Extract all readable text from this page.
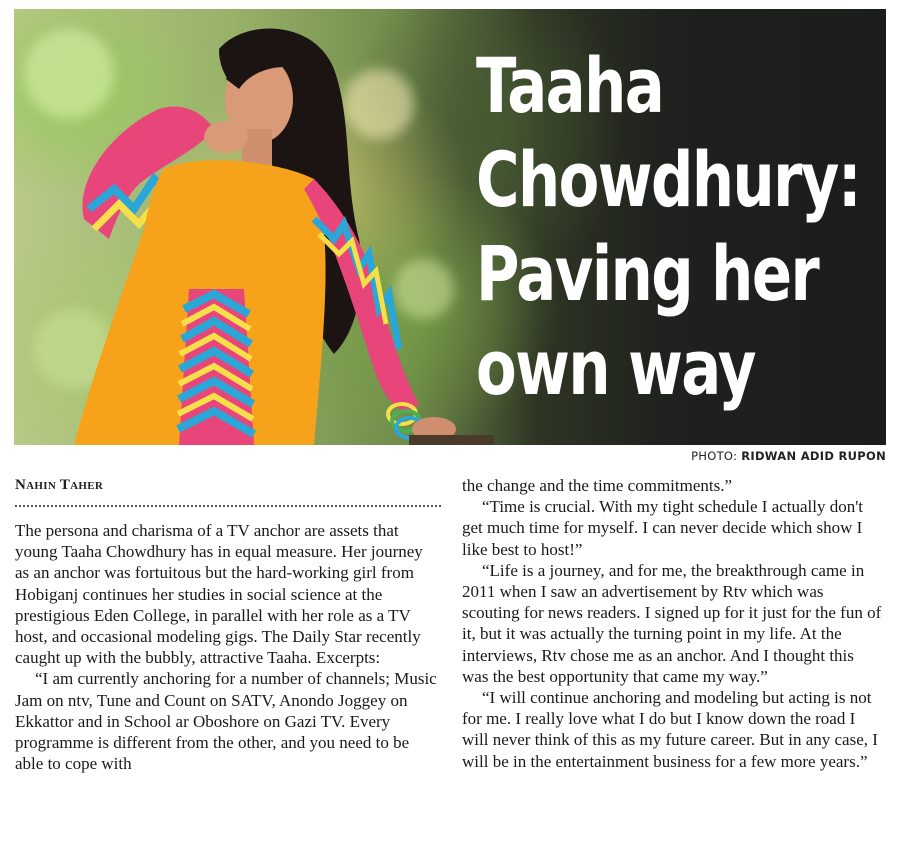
Taaha
Chowdhury:
Paving her
own way
PHOTO: RIDWAN ADID RUPON
Nahin Taher

The persona and charisma of a TV anchor are assets that young Taaha Chowdhury has in equal measure. Her journey as an anchor was fortuitous but the hard-working girl from Hobiganj continues her studies in social science at the prestigious Eden College, in parallel with her role as a TV host, and occasional modeling gigs. The Daily Star recently caught up with the bubbly, attractive Taaha. Excerpts:

“I am currently anchoring for a number of channels; Music Jam on ntv, Tune and Count on SATV, Anondo Joggey on Ekkattor and in School ar Oboshore on Gazi TV. Every programme is different from the other, and you need to be able to cope with

the change and the time commitments.”

“Time is crucial. With my tight schedule I actually don't get much time for myself. I can never decide which show I like best to host!”

“Life is a journey, and for me, the breakthrough came in 2011 when I saw an advertisement by Rtv which was scouting for news readers. I signed up for it just for the fun of it, but it was actually the turning point in my life. At the interviews, Rtv chose me as an anchor. And I thought this was the best opportunity that came my way.”

“I will continue anchoring and modeling but acting is not for me. I really love what I do but I know down the road I will never think of this as my future career. But in any case, I will be in the entertainment business for a few more years.”
